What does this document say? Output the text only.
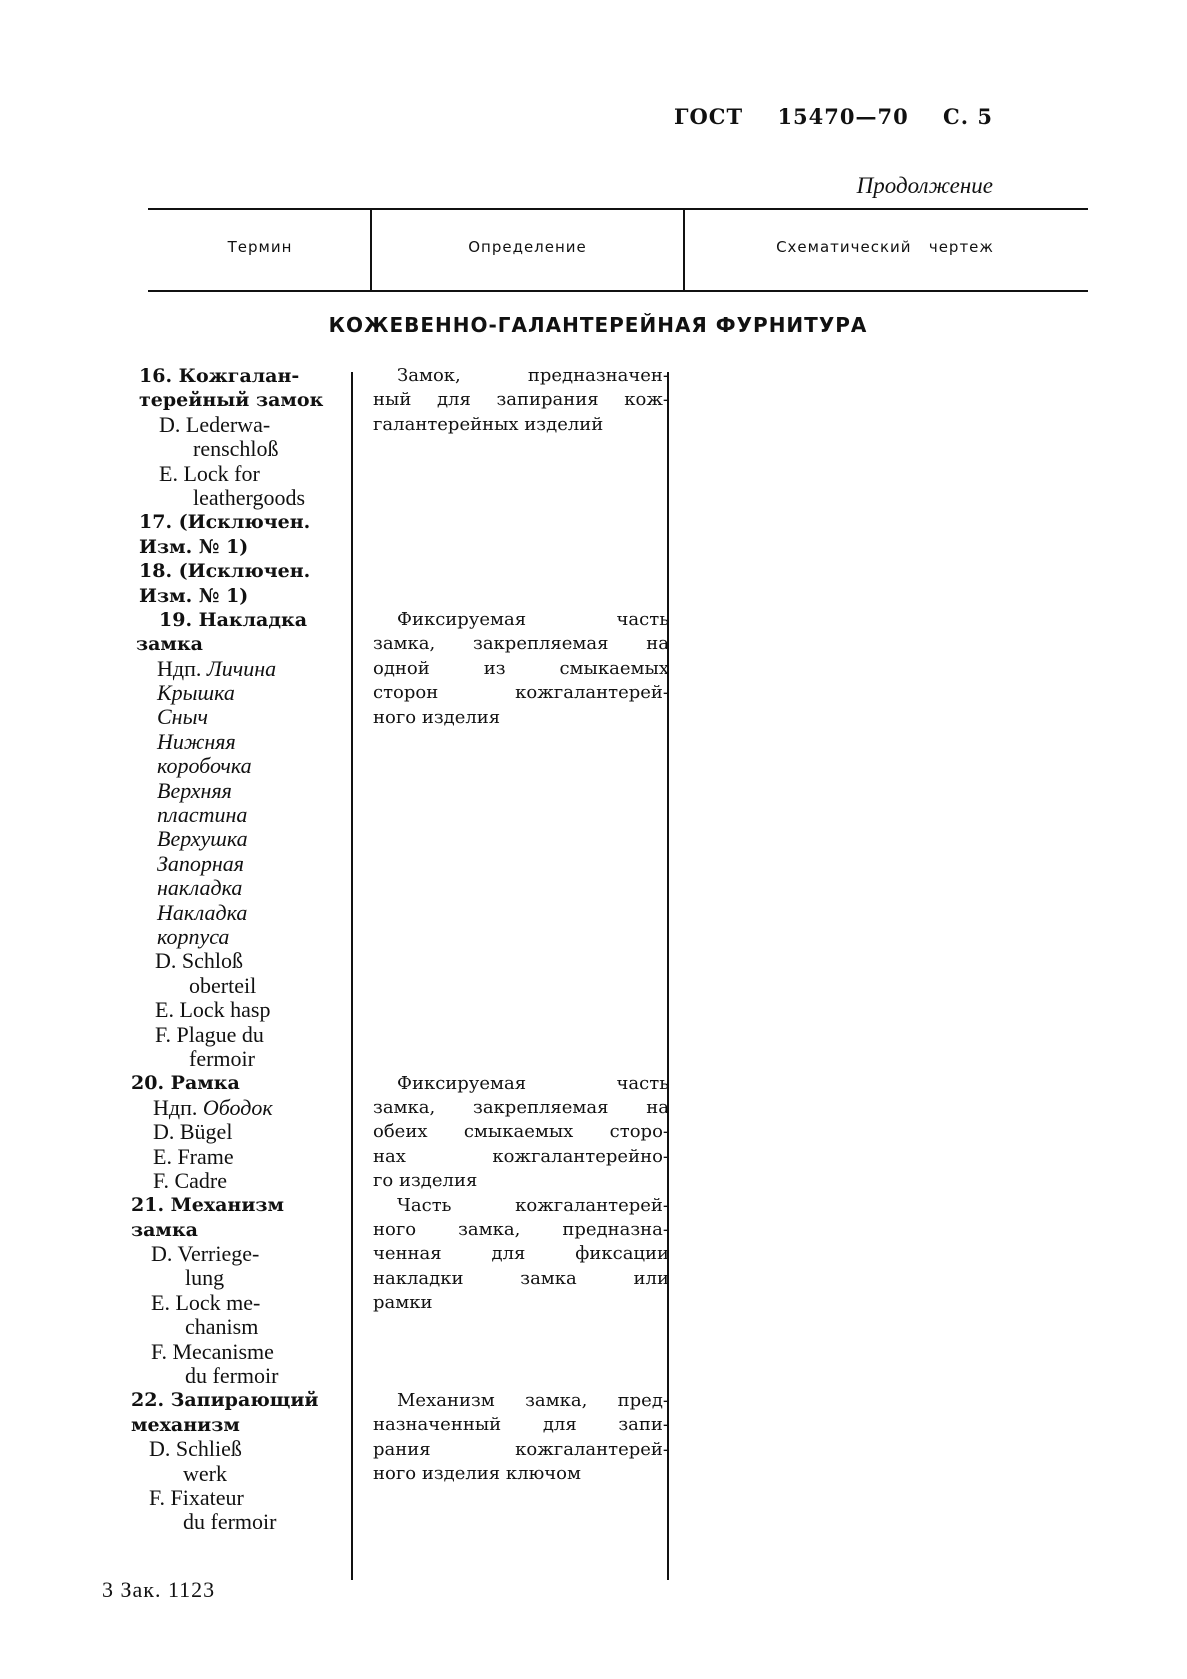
ГОСТ 15470—70 С. 5
Продолжение
Термин	Определение	Схематический   чертеж
КОЖЕВЕННО-ГАЛАНТЕРЕЙНАЯ ФУРНИТУРА
16. Кожгалан-
терейный замок
D. Lederwa-
renschloß
E. Lock for
leathergoods
17. (Исключен.
Изм. № 1)
18. (Исключен.
Изм. № 1)
19. Накладка
замка
Ндп. Личина
Крышка
Сныч
Нижняя
коробочка
Верхняя
пластина
Верхушка
Запорная
накладка
Накладка
корпуса
D. Schloß
oberteil
E. Lock hasp
F. Plague du
fermoir
20. Рамка
Ндп. Ободок
D. Bügel
E. Frame
F. Cadre
21. Механизм
замка
D. Verriege-
lung
E. Lock me-
chanism
F. Mecanisme
du fermoir
22. Запирающий
механизм
D. Schließ
werk
F. Fixateur
du fermoir
Замок, предназначен-
ный для запирания кож-
галантерейных изделий
Фиксируемая часть
замка, закрепляемая на
одной из смыкаемых
сторон кожгалантерей-
ного изделия
Фиксируемая часть
замка, закрепляемая на
обеих смыкаемых сторо-
нах кожгалантерейно-
го изделия
Часть кожгалантерей-
ного замка, предназна-
ченная для фиксации
накладки замка или
рамки
Механизм замка, пред-
назначенный для запи-
рания кожгалантерей-
ного изделия ключом
3 Зак. 1123
